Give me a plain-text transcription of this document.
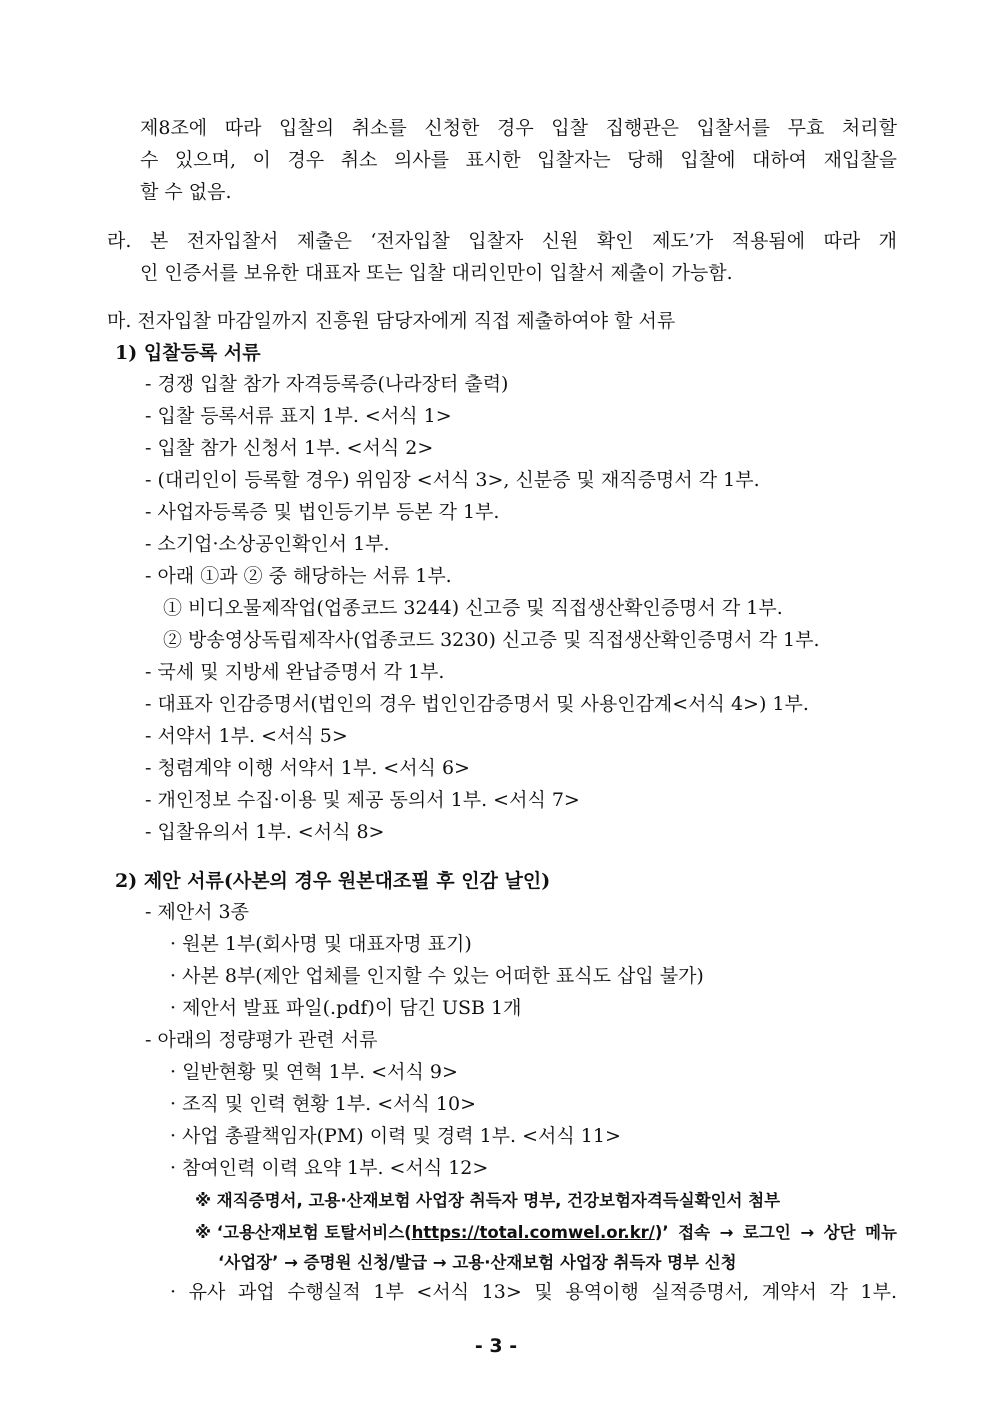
제8조에 따라 입찰의 취소를 신청한 경우 입찰 집행관은 입찰서를 무효 처리할
수 있으며, 이 경우 취소 의사를 표시한 입찰자는 당해 입찰에 대하여 재입찰을
할 수 없음.
라. 본 전자입찰서 제출은 ‘전자입찰 입찰자 신원 확인 제도’가 적용됨에 따라 개
인 인증서를 보유한 대표자 또는 입찰 대리인만이 입찰서 제출이 가능함.
마. 전자입찰 마감일까지 진흥원 담당자에게 직접 제출하여야 할 서류
1) 입찰등록 서류
- 경쟁 입찰 참가 자격등록증(나라장터 출력)
- 입찰 등록서류 표지 1부. <서식 1>
- 입찰 참가 신청서 1부. <서식 2>
- (대리인이 등록할 경우) 위임장 <서식 3>, 신분증 및 재직증명서 각 1부.
- 사업자등록증 및 법인등기부 등본 각 1부.
- 소기업·소상공인확인서 1부.
- 아래 ①과 ② 중 해당하는 서류 1부.
① 비디오물제작업(업종코드 3244) 신고증 및 직접생산확인증명서 각 1부.
② 방송영상독립제작사(업종코드 3230) 신고증 및 직접생산확인증명서 각 1부.
- 국세 및 지방세 완납증명서 각 1부.
- 대표자 인감증명서(법인의 경우 법인인감증명서 및 사용인감계<서식 4>) 1부.
- 서약서 1부. <서식 5>
- 청렴계약 이행 서약서 1부. <서식 6>
- 개인정보 수집·이용 및 제공 동의서 1부. <서식 7>
- 입찰유의서 1부. <서식 8>
2) 제안 서류(사본의 경우 원본대조필 후 인감 날인)
- 제안서 3종
· 원본 1부(회사명 및 대표자명 표기)
· 사본 8부(제안 업체를 인지할 수 있는 어떠한 표식도 삽입 불가)
· 제안서 발표 파일(.pdf)이 담긴 USB 1개
- 아래의 정량평가 관련 서류
· 일반현황 및 연혁 1부. <서식 9>
· 조직 및 인력 현황 1부. <서식 10>
· 사업 총괄책임자(PM) 이력 및 경력 1부. <서식 11>
· 참여인력 이력 요약 1부. <서식 12>
※ 재직증명서, 고용·산재보험 사업장 취득자 명부, 건강보험자격득실확인서 첨부
※ ‘고용산재보험 토탈서비스( https://total.comwel.or.kr/ )’ 접속 → 로그인 → 상단 메뉴
‘사업장’ → 증명원 신청/발급 → 고용·산재보험 사업장 취득자 명부 신청
· 유사 과업 수행실적 1부 <서식 13> 및 용역이행 실적증명서, 계약서 각 1부.
- 3 -
